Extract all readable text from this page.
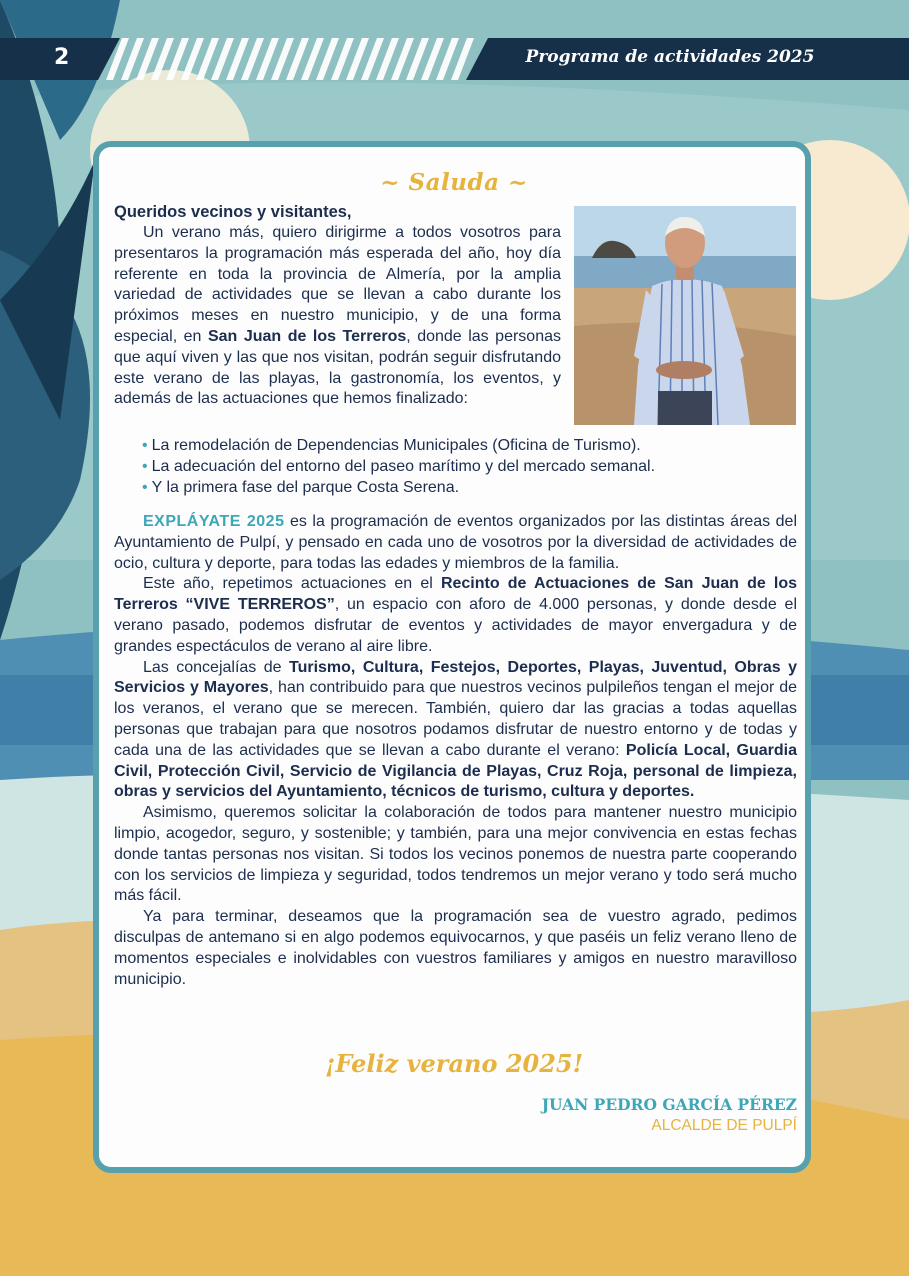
2	Programa de actividades 2025
~ Saluda ~
Queridos vecinos y visitantes,
Un verano más, quiero dirigirme a todos vosotros para presentaros la programación más esperada del año, hoy día referente en toda la provincia de Almería, por la amplia variedad de actividades que se llevan a cabo durante los próximos meses en nuestro municipio, y de una forma especial, en San Juan de los Terreros, donde las personas que aquí viven y las que nos visitan, podrán seguir disfrutando este verano de las playas, la gastronomía, los eventos, y además de las actuaciones que hemos finalizado:
• La remodelación de Dependencias Municipales (Oficina de Turismo).
• La adecuación del entorno del paseo marítimo y del mercado semanal.
• Y la primera fase del parque Costa Serena.

EXPLÁYATE 2025 es la programación de eventos organizados por las distintas áreas del Ayuntamiento de Pulpí, y pensado en cada uno de vosotros por la diversidad de actividades de ocio, cultura y deporte, para todas las edades y miembros de la familia.

Este año, repetimos actuaciones en el Recinto de Actuaciones de San Juan de los Terreros “VIVE TERREROS”, un espacio con aforo de 4.000 personas, y donde desde el verano pasado, podemos disfrutar de eventos y actividades de mayor envergadura y de grandes espectáculos de verano al aire libre.

Las concejalías de Turismo, Cultura, Festejos, Deportes, Playas, Juventud, Obras y Servicios y Mayores, han contribuido para que nuestros vecinos pulpileños tengan el mejor de los veranos, el verano que se merecen. También, quiero dar las gracias a todas aquellas personas que trabajan para que nosotros podamos disfrutar de nuestro entorno y de todas y cada una de las actividades que se llevan a cabo durante el verano: Policía Local, Guardia Civil, Protección Civil, Servicio de Vigilancia de Playas, Cruz Roja, personal de limpieza, obras y servicios del Ayuntamiento, técnicos de turismo, cultura y deportes.

Asimismo, queremos solicitar la colaboración de todos para mantener nuestro municipio limpio, acogedor, seguro, y sostenible; y también, para una mejor convivencia en estas fechas donde tantas personas nos visitan. Si todos los vecinos ponemos de nuestra parte cooperando con los servicios de limpieza y seguridad, todos tendremos un mejor verano y todo será mucho más fácil.

Ya para terminar, deseamos que la programación sea de vuestro agrado, pedimos disculpas de antemano si en algo podemos equivocarnos, y que paséis un feliz verano lleno de momentos especiales e inolvidables con vuestros familiares y amigos en nuestro maravilloso municipio.

¡Feliz verano 2025!
JUAN PEDRO GARCÍA PÉREZ
ALCALDE DE PULPÍ
